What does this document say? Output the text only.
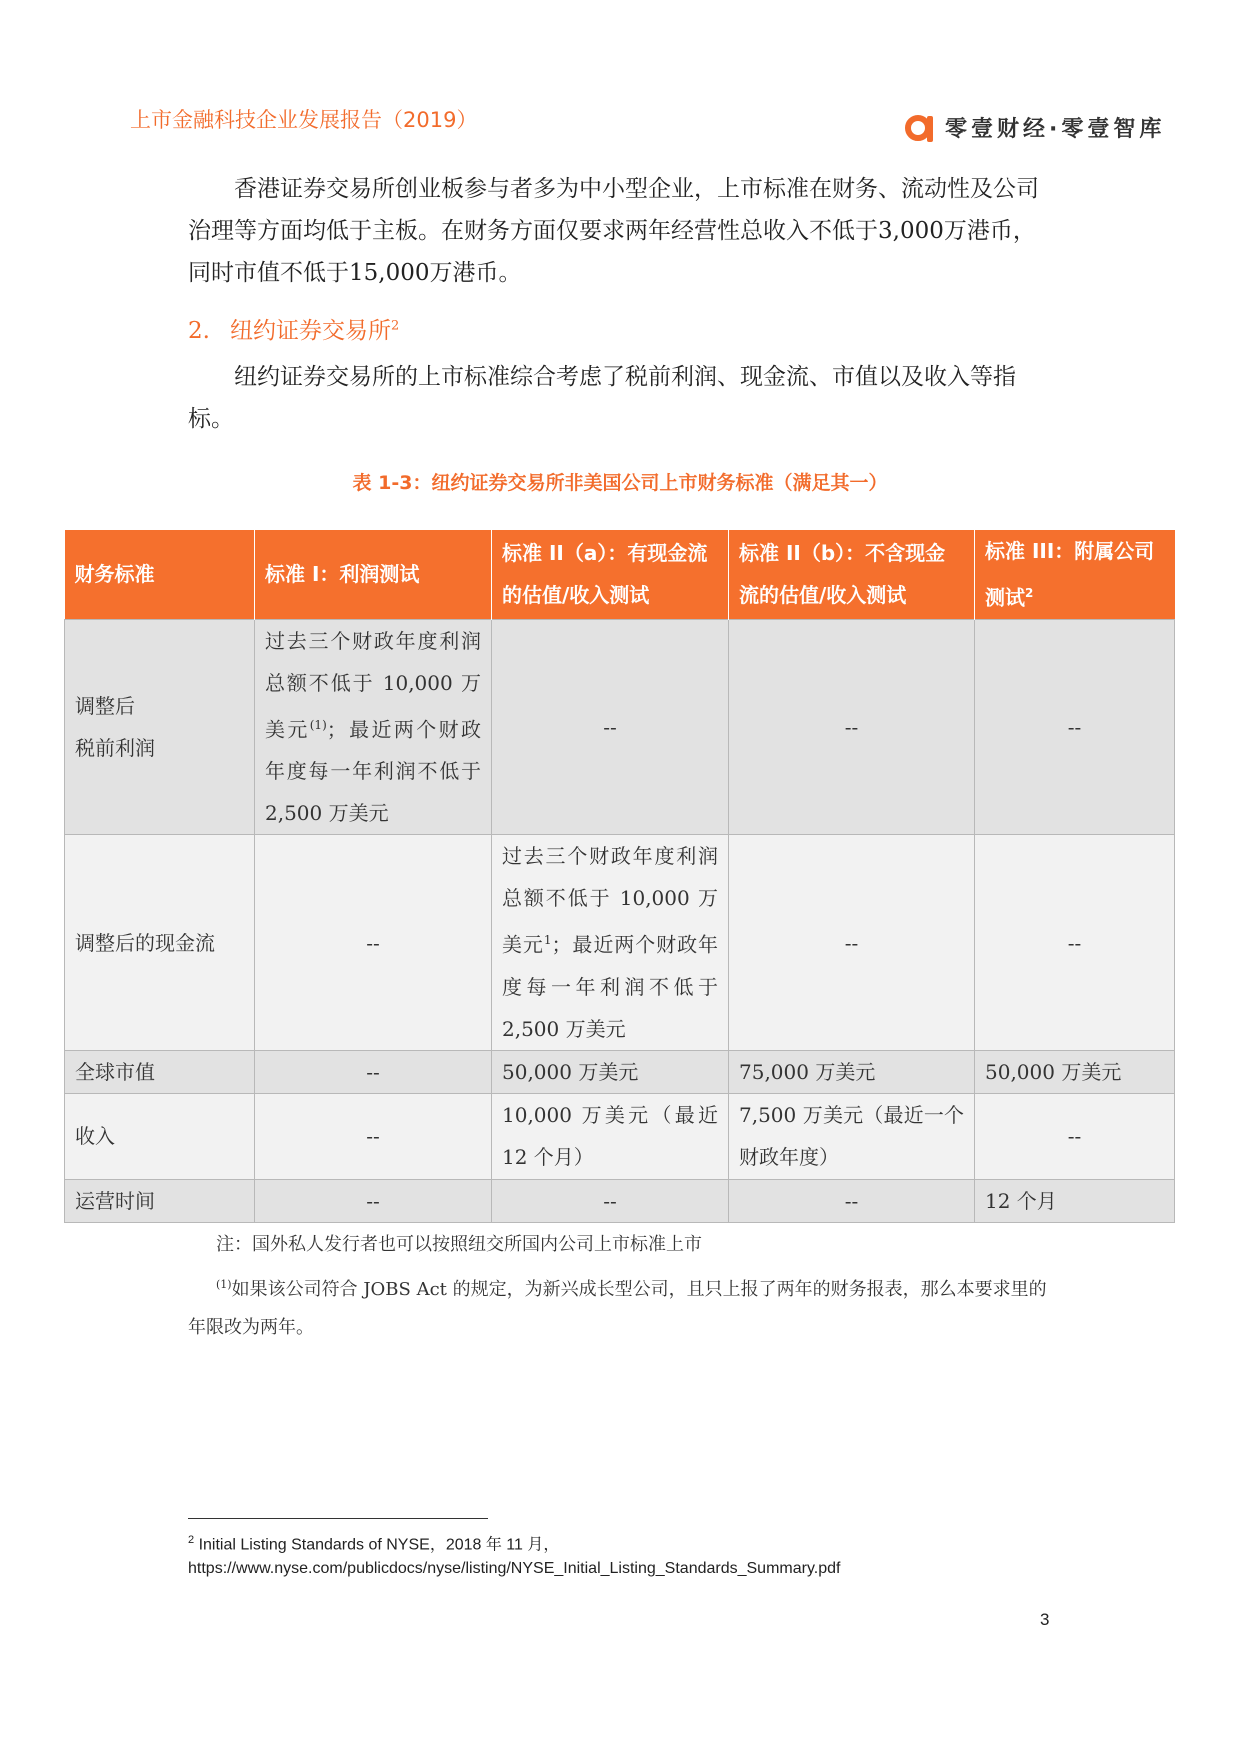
上市金融科技企业发展报告（2019）	零壹财经·零壹智库

香港证券交易所创业板参与者多为中小型企业，上市标准在财务、流动性及公司治理等方面均低于主板。在财务方面仅要求两年经营性总收入不低于3,000万港币，同时市值不低于15,000万港币。

2. 纽约证券交易所$^2$

纽约证券交易所的上市标准综合考虑了税前利润、现金流、市值以及收入等指标。

表 1-3：纽约证券交易所非美国公司上市财务标准（满足其一）
财务标准	标准 I：利润测试	标准 II（a）：有现金流的估值/收入测试	标准 II（b）：不含现金流的估值/收入测试	标准 III：附属公司测试$^2$
调整后
税前利润	过去三个财政年度利润总额不低于 10,000 万美元$^{(1)}$；最近两个财政年度每一年利润不低于 2,500 万美元	--	--	--
调整后的现金流	--	过去三个财政年度利润总额不低于 10,000 万美元$^1$；最近两个财政年度每一年利润不低于 2,500 万美元	--	--
全球市值	--	50,000 万美元	75,000 万美元	50,000 万美元
收入	--	10,000 万美元（最近 12 个月）	7,500 万美元（最近一个财政年度）	--
运营时间	--	--	--	12 个月
注：国外私人发行者也可以按照纽交所国内公司上市标准上市
$^{(1)}$如果该公司符合 JOBS Act 的规定，为新兴成长型公司，且只上报了两年的财务报表，那么本要求里的年限改为两年。
$^2$ Initial Listing Standards of NYSE，2018 年 11 月，
https://www.nyse.com/publicdocs/nyse/listing/NYSE_Initial_Listing_Standards_Summary.pdf
3
